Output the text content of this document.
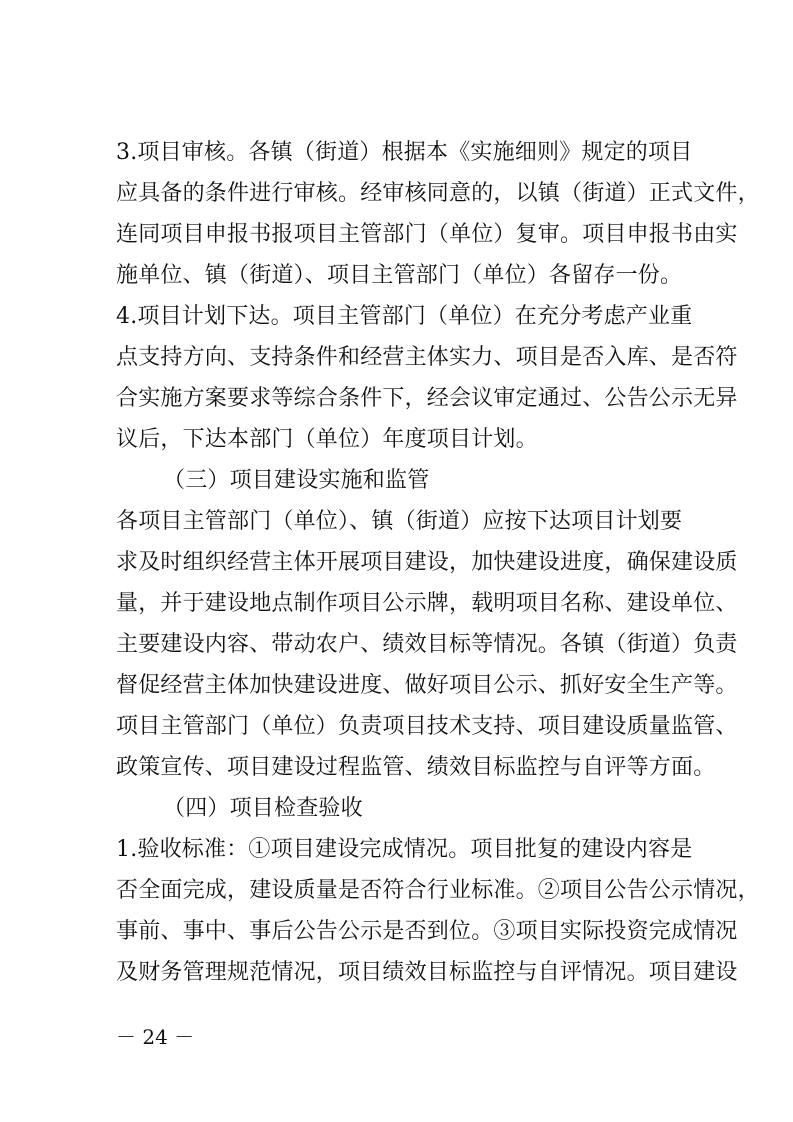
3.项目审核。各镇（街道）根据本《实施细则》规定的项目
应具备的条件进行审核。经审核同意的，以镇（街道）正式文件，
连同项目申报书报项目主管部门（单位）复审。项目申报书由实
施单位、镇（街道）、项目主管部门（单位）各留存一份。
4.项目计划下达。项目主管部门（单位）在充分考虑产业重
点支持方向、支持条件和经营主体实力、项目是否入库、是否符
合实施方案要求等综合条件下，经会议审定通过、公告公示无异
议后，下达本部门（单位）年度项目计划。
（三）项目建设实施和监管
各项目主管部门（单位）、镇（街道）应按下达项目计划要
求及时组织经营主体开展项目建设，加快建设进度，确保建设质
量，并于建设地点制作项目公示牌，载明项目名称、建设单位、
主要建设内容、带动农户、绩效目标等情况。各镇（街道）负责
督促经营主体加快建设进度、做好项目公示、抓好安全生产等。
项目主管部门（单位）负责项目技术支持、项目建设质量监管、
政策宣传、项目建设过程监管、绩效目标监控与自评等方面。
（四）项目检查验收
1.验收标准：①项目建设完成情况。项目批复的建设内容是
否全面完成，建设质量是否符合行业标准。②项目公告公示情况，
事前、事中、事后公告公示是否到位。③项目实际投资完成情况
及财务管理规范情况，项目绩效目标监控与自评情况。项目建设
－ 24 －
